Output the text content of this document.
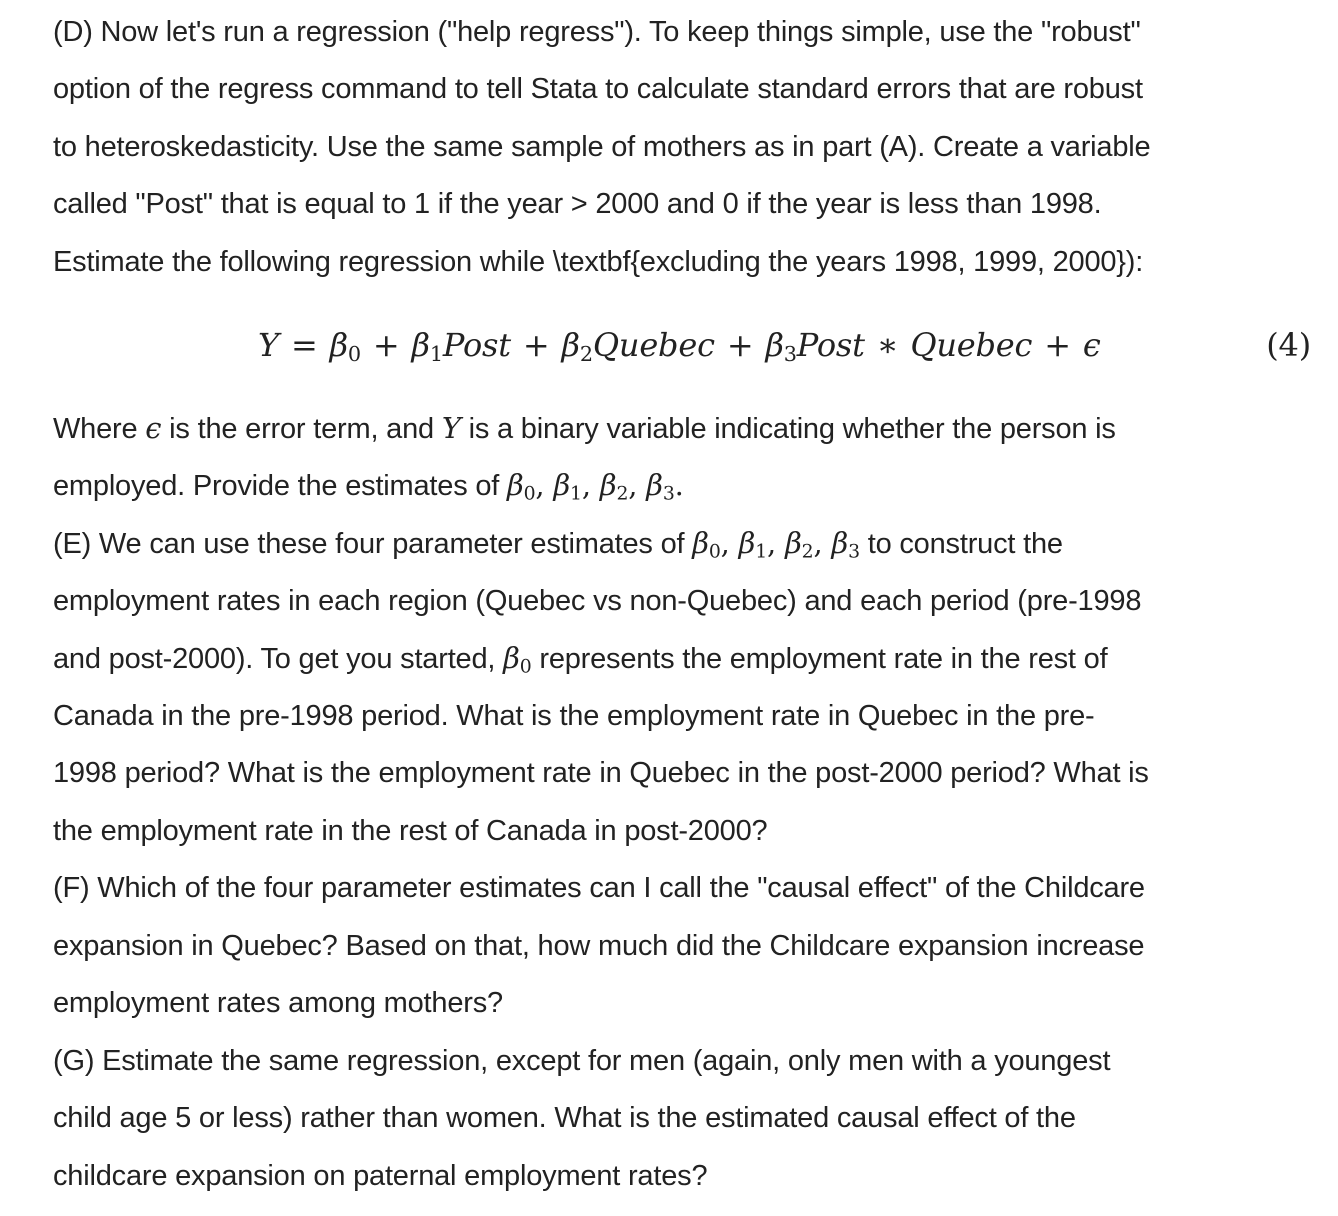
(D) Now let's run a regression ("help regress"). To keep things simple, use the "robust"
option of the regress command to tell Stata to calculate standard errors that are robust
to heteroskedasticity. Use the same sample of mothers as in part (A). Create a variable
called "Post" that is equal to 1 if the year > 2000 and 0 if the year is less than 1998.
Estimate the following regression while \textbf{excluding the years 1998, 1999, 2000}):
$Y = \beta_0$ + $\beta_1Post$ + $\beta_2Quebec$ + $\beta_3Post$ ∗ Quebec + ϵ	(4)
Where ϵ is the error term, and Y is a binary variable indicating whether the person is
employed. Provide the estimates of $\beta_0$, $\beta_1$, $\beta_2$, $\beta_3$.
(E) We can use these four parameter estimates of $\beta_0$, $\beta_1$, $\beta_2$, $\beta_3$ to construct the
employment rates in each region (Quebec vs non-Quebec) and each period (pre-1998
and post-2000). To get you started, $\beta_0$ represents the employment rate in the rest of
Canada in the pre-1998 period. What is the employment rate in Quebec in the pre-
1998 period? What is the employment rate in Quebec in the post-2000 period? What is
the employment rate in the rest of Canada in post-2000?
(F) Which of the four parameter estimates can I call the "causal effect" of the Childcare
expansion in Quebec? Based on that, how much did the Childcare expansion increase
employment rates among mothers?
(G) Estimate the same regression, except for men (again, only men with a youngest
child age 5 or less) rather than women. What is the estimated causal effect of the
childcare expansion on paternal employment rates?
